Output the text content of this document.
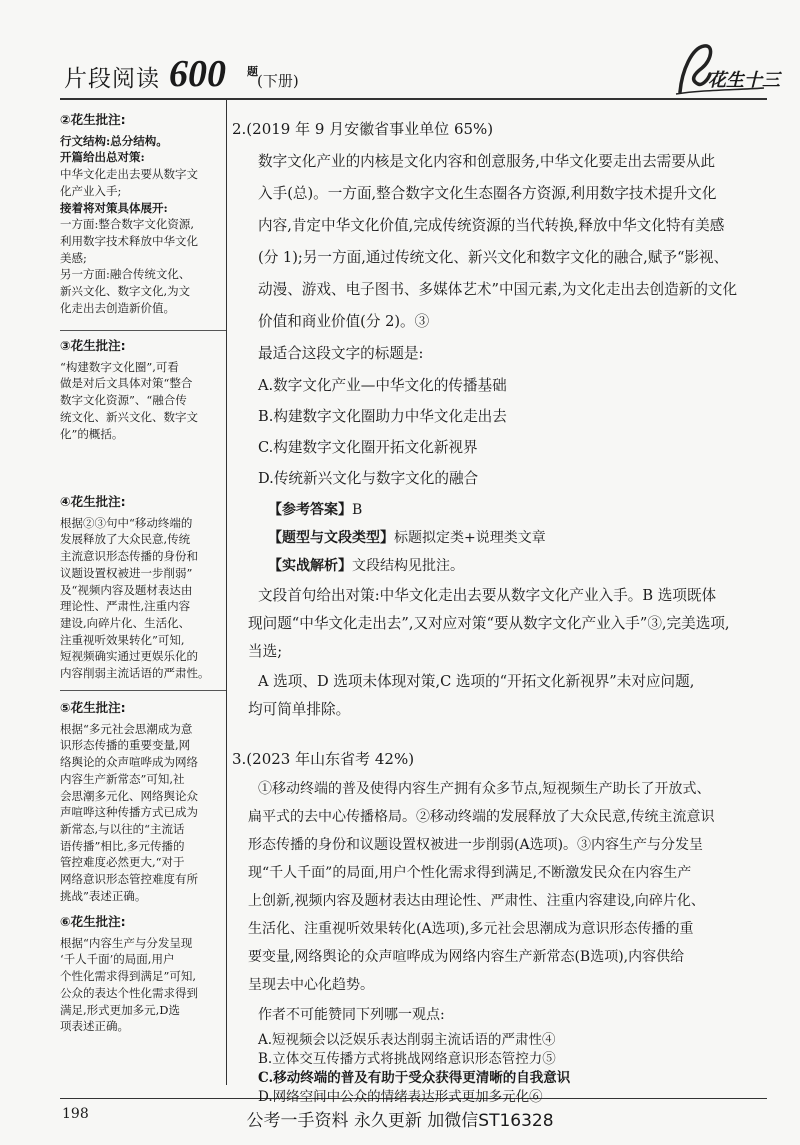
片段阅读 600 题
(下册)	花生十三
②花生批注:
行文结构:总分结构。
开篇给出总对策:
中华文化走出去要从数字文
化产业入手;
接着将对策具体展开:
一方面:整合数字文化资源,
利用数字技术释放中华文化
美感;
另一方面:融合传统文化、
新兴文化、数字文化,为文
化走出去创造新价值。
③花生批注:
“构建数字文化圈”,可看
做是对后文具体对策“整合
数字文化资源”、“融合传
统文化、新兴文化、数字文
化”的概括。
④花生批注:
根据②③句中“移动终端的
发展释放了大众民意,传统
主流意识形态传播的身份和
议题设置权被进一步削弱”
及“视频内容及题材表达由
理论性、严肃性,注重内容
建设,向碎片化、生活化、
注重视听效果转化”可知,
短视频确实通过更娱乐化的
内容削弱主流话语的严肃性。
⑤花生批注:
根据“多元社会思潮成为意
识形态传播的重要变量,网
络舆论的众声喧哗成为网络
内容生产新常态”可知,社
会思潮多元化、网络舆论众
声喧哗这种传播方式已成为
新常态,与以往的“主流话
语传播”相比,多元传播的
管控难度必然更大,“对于
网络意识形态管控难度有所
挑战”表述正确。
⑥花生批注:
根据“内容生产与分发呈现
‘千人千面’的局面,用户
个性化需求得到满足”可知,
公众的表达个性化需求得到
满足,形式更加多元,D选
项表述正确。
2.(2019 年 9 月安徽省事业单位 65%)
数字文化产业的内核是文化内容和创意服务,中华文化要走出去需要从此
入手(总)。一方面,整合数字文化生态圈各方资源,利用数字技术提升文化
内容,肯定中华文化价值,完成传统资源的当代转换,释放中华文化特有美感
(分 1);另一方面,通过传统文化、新兴文化和数字文化的融合,赋予“影视、
动漫、游戏、电子图书、多媒体艺术”中国元素,为文化走出去创造新的文化
价值和商业价值(分 2)。③
最适合这段文字的标题是:
A.数字文化产业—中华文化的传播基础
B.构建数字文化圈助力中华文化走出去
C.构建数字文化圈开拓文化新视界
D.传统新兴文化与数字文化的融合
【参考答案】B
【题型与文段类型】标题拟定类+说理类文章
【实战解析】文段结构见批注。
文段首句给出对策:中华文化走出去要从数字文化产业入手。B 选项既体
现问题“中华文化走出去”,又对应对策“要从数字文化产业入手”③,完美选项,
当选;
A 选项、D 选项未体现对策,C 选项的“开拓文化新视界”未对应问题,
均可简单排除。
3.(2023 年山东省考 42%)
①移动终端的普及使得内容生产拥有众多节点,短视频生产助长了开放式、
扁平式的去中心传播格局。②移动终端的发展释放了大众民意,传统主流意识
形态传播的身份和议题设置权被进一步削弱(A选项)。③内容生产与分发呈
现“千人千面”的局面,用户个性化需求得到满足,不断激发民众在内容生产
上创新,视频内容及题材表达由理论性、严肃性、注重内容建设,向碎片化、
生活化、注重视听效果转化(A选项),多元社会思潮成为意识形态传播的重
要变量,网络舆论的众声喧哗成为网络内容生产新常态(B选项),内容供给
呈现去中心化趋势。
作者不可能赞同下列哪一观点:
A.短视频会以泛娱乐表达削弱主流话语的严肃性④
198	公考一手资料 永久更新 加微信ST16328
B.立体交互传播方式将挑战网络意识形态管控力⑤
C.移动终端的普及有助于受众获得更清晰的自我意识
D.网络空间中公众的情绪表达形式更加多元化⑥
